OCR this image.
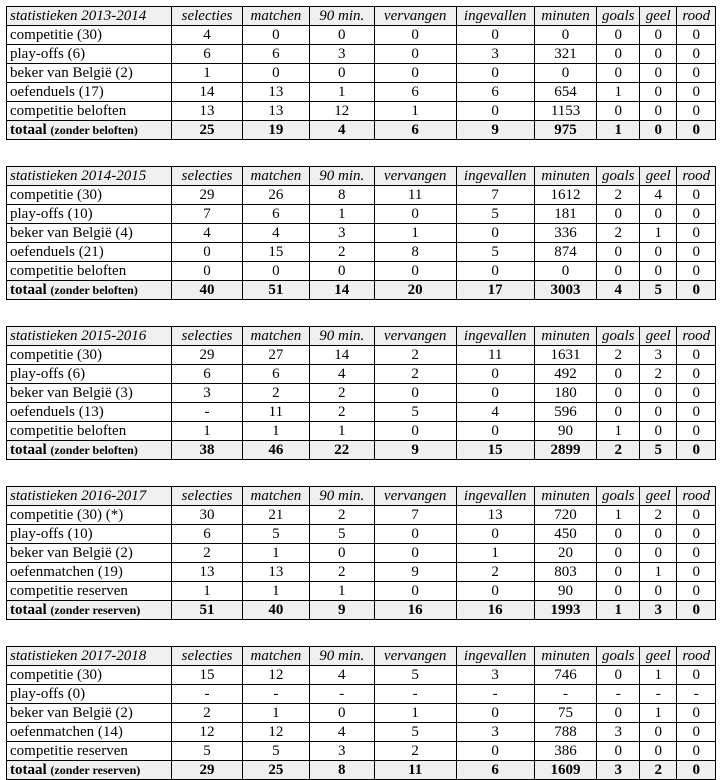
statistieken 2013-2014	selecties	matchen	90 min.	vervangen	ingevallen	minuten	goals	geel	rood
competitie (30)	4	0	0	0	0	0	0	0	0
play-offs (6)	6	6	3	0	3	321	0	0	0
beker van België (2)	1	0	0	0	0	0	0	0	0
oefenduels (17)	14	13	1	6	6	654	1	0	0
competitie beloften	13	13	12	1	0	1153	0	0	0
totaal (zonder beloften)	25	19	4	6	9	975	1	0	0
statistieken 2014-2015	selecties	matchen	90 min.	vervangen	ingevallen	minuten	goals	geel	rood
competitie (30)	29	26	8	11	7	1612	2	4	0
play-offs (10)	7	6	1	0	5	181	0	0	0
beker van België (4)	4	4	3	1	0	336	2	1	0
oefenduels (21)	0	15	2	8	5	874	0	0	0
competitie beloften	0	0	0	0	0	0	0	0	0
totaal (zonder beloften)	40	51	14	20	17	3003	4	5	0
statistieken 2015-2016	selecties	matchen	90 min.	vervangen	ingevallen	minuten	goals	geel	rood
competitie (30)	29	27	14	2	11	1631	2	3	0
play-offs (6)	6	6	4	2	0	492	0	2	0
beker van België (3)	3	2	2	0	0	180	0	0	0
oefenduels (13)	-	11	2	5	4	596	0	0	0
competitie beloften	1	1	1	0	0	90	1	0	0
totaal (zonder beloften)	38	46	22	9	15	2899	2	5	0
statistieken 2016-2017	selecties	matchen	90 min.	vervangen	ingevallen	minuten	goals	geel	rood
competitie (30) (*)	30	21	2	7	13	720	1	2	0
play-offs (10)	6	5	5	0	0	450	0	0	0
beker van België (2)	2	1	0	0	1	20	0	0	0
oefenmatchen (19)	13	13	2	9	2	803	0	1	0
competitie reserven	1	1	1	0	0	90	0	0	0
totaal (zonder reserven)	51	40	9	16	16	1993	1	3	0
statistieken 2017-2018	selecties	matchen	90 min.	vervangen	ingevallen	minuten	goals	geel	rood
competitie (30)	15	12	4	5	3	746	0	1	0
play-offs (0)	-	-	-	-	-	-	-	-	-
beker van België (2)	2	1	0	1	0	75	0	1	0
oefenmatchen (14)	12	12	4	5	3	788	3	0	0
competitie reserven	5	5	3	2	0	386	0	0	0
totaal (zonder reserven)	29	25	8	11	6	1609	3	2	0
